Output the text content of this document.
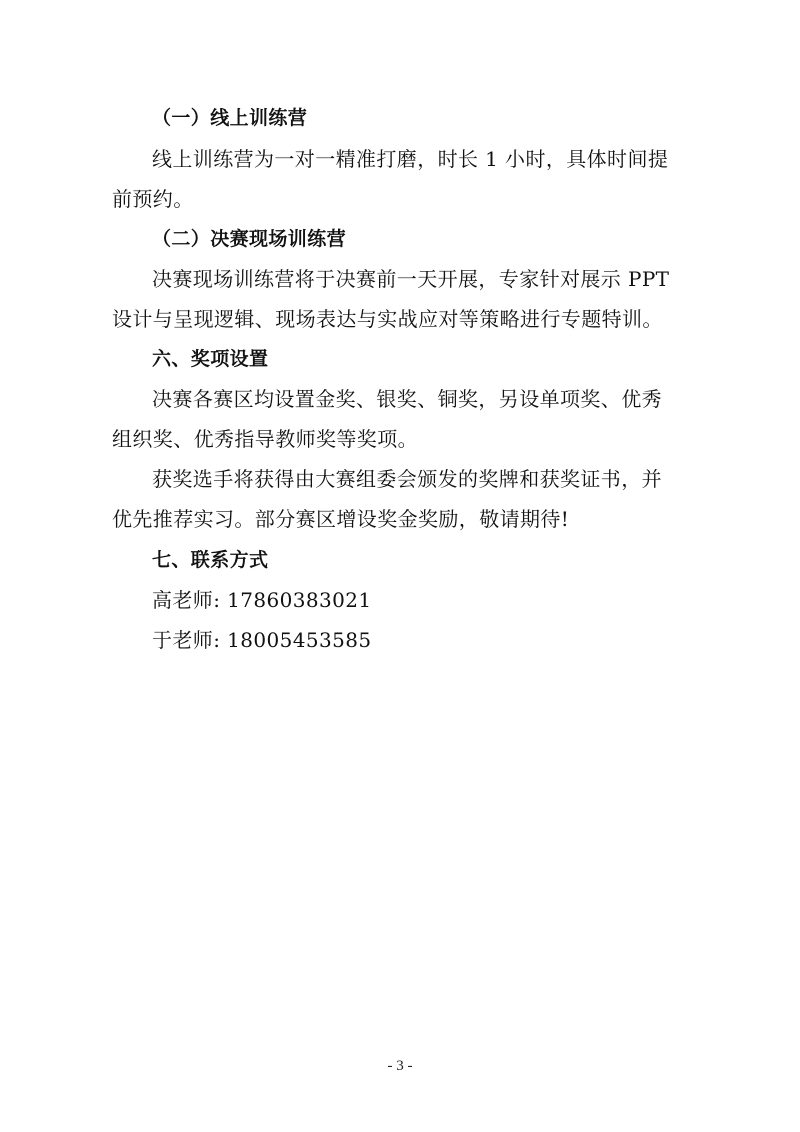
（一）线上训练营
线上训练营为一对一精准打磨，时长 1 小时，具体时间提
前预约。
（二）决赛现场训练营
决赛现场训练营将于决赛前一天开展，专家针对展示 PPT
设计与呈现逻辑、现场表达与实战应对等策略进行专题特训。
六、奖项设置
决赛各赛区均设置金奖、银奖、铜奖，另设单项奖、优秀
组织奖、优秀指导教师奖等奖项。
获奖选手将获得由大赛组委会颁发的奖牌和获奖证书，并
优先推荐实习。部分赛区增设奖金奖励，敬请期待!
七、联系方式
高老师: 17860383021
于老师: 18005453585
- 3 -
